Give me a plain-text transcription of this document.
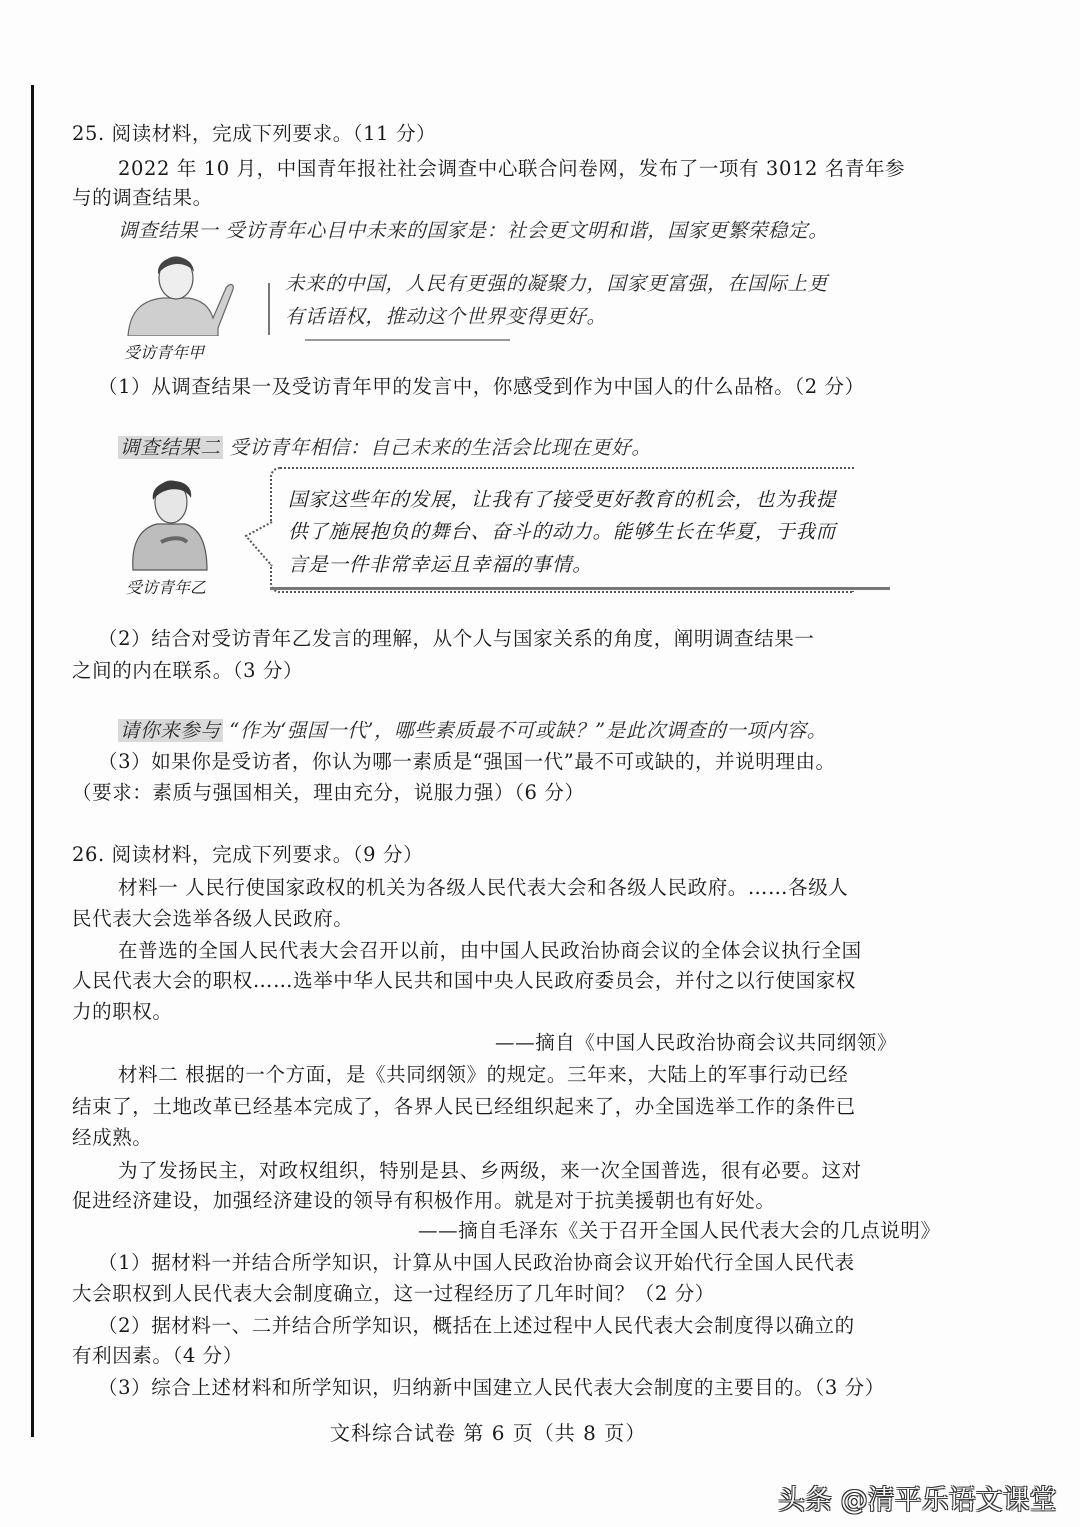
25. 阅读材料，完成下列要求。（11 分）
2022 年 10 月，中国青年报社社会调查中心联合问卷网，发布了一项有 3012 名青年参
与的调查结果。
调查结果一 受访青年心目中未来的国家是：社会更文明和谐，国家更繁荣稳定。
受访青年甲
未来的中国，人民有更强的凝聚力，国家更富强，在国际上更
有话语权，推动这个世界变得更好。
（1）从调查结果一及受访青年甲的发言中，你感受到作为中国人的什么品格。（2 分）
调查结果二 受访青年相信：自己未来的生活会比现在更好。
受访青年乙
国家这些年的发展，让我有了接受更好教育的机会，也为我提
供了施展抱负的舞台、奋斗的动力。能够生长在华夏，于我而
言是一件非常幸运且幸福的事情。
（2）结合对受访青年乙发言的理解，从个人与国家关系的角度，阐明调查结果一
之间的内在联系。（3 分）
请你来参与 “作为‘强国一代’，哪些素质最不可或缺？”是此次调查的一项内容。
（3）如果你是受访者，你认为哪一素质是“强国一代”最不可或缺的，并说明理由。
（要求：素质与强国相关，理由充分，说服力强）（6 分）
26. 阅读材料，完成下列要求。（9 分）
材料一 人民行使国家政权的机关为各级人民代表大会和各级人民政府。……各级人
民代表大会选举各级人民政府。
在普选的全国人民代表大会召开以前，由中国人民政治协商会议的全体会议执行全国
人民代表大会的职权……选举中华人民共和国中央人民政府委员会，并付之以行使国家权
力的职权。
——摘自《中国人民政治协商会议共同纲领》
材料二 根据的一个方面，是《共同纲领》的规定。三年来，大陆上的军事行动已经
结束了，土地改革已经基本完成了，各界人民已经组织起来了，办全国选举工作的条件已
经成熟。
为了发扬民主，对政权组织，特别是县、乡两级，来一次全国普选，很有必要。这对
促进经济建设，加强经济建设的领导有积极作用。就是对于抗美援朝也有好处。
——摘自毛泽东《关于召开全国人民代表大会的几点说明》
（1）据材料一并结合所学知识，计算从中国人民政治协商会议开始代行全国人民代表
大会职权到人民代表大会制度确立，这一过程经历了几年时间？（2 分）
（2）据材料一、二并结合所学知识，概括在上述过程中人民代表大会制度得以确立的
有利因素。（4 分）
（3）综合上述材料和所学知识，归纳新中国建立人民代表大会制度的主要目的。（3 分）
文科综合试卷 第 6 页（共 8 页）
头条 @清平乐语文课堂
